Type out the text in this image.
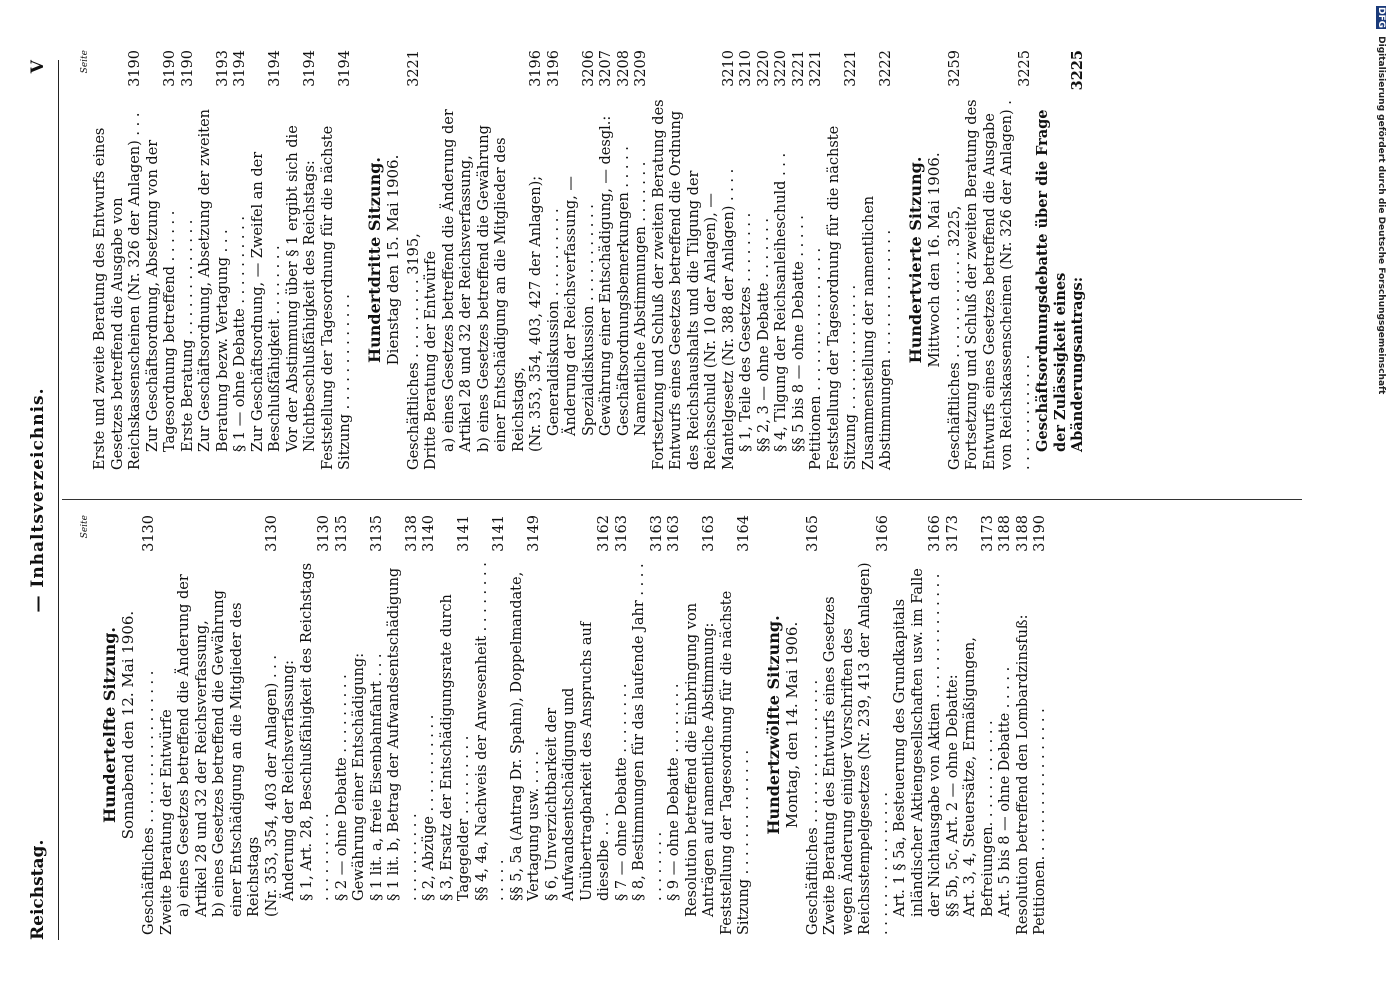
Reichstag.
— Inhaltsverzeichnis.
V
Seite
Hundertelfte Sitzung. Sonnabend den 12. Mai 1906. Geschäftliches . . . . . . . . . . . . . . . . .
3130
Zweite Beratung der Entwürfe a) eines Gesetzes betreffend die Änderung der Artikel 28 und 32 der Reichsverfassung, b) eines Gesetzes betreffend die Gewährung einer Entschädigung an die Mitglieder des Reichstags (Nr. 353, 354, 403 der Anlagen) . . .
3130
Änderung der Reichsverfassung: § 1, Art. 28, Beschlußfähigkeit des Reichstags . . . . . . . . . .
3130
§ 2 — ohne Debatte . . . . . . . . .
3135
Gewährung einer Entschädigung: § 1 lit. a, freie Eisenbahnfahrt . . .
3135
§ 1 lit. b, Betrag der Aufwandsentschädigung . . . . . . . . . .
3138
§ 2, Abzüge . . . . . . . . . . .
3140
§ 3, Ersatz der Entschädigungsrate durch Tagegelder . . . . . . . . .
3141
§§ 4, 4a, Nachweis der Anwesenheit . . . . . . . . . . . . .
3141
§§ 5, 5a (Antrag Dr. Spahn), Doppelmandate, Vertagung usw. . . . .
3149
§ 6, Unverzichtbarkeit der Aufwandsentschädigung und Unübertragbarkeit des Anspruchs auf dieselbe . . .
3162
§ 7 — ohne Debatte . . . . . . . .
3163
§ 8, Bestimmungen für das laufende Jahr . . . . . . . . . . . .
3163
§ 9 — ohne Debatte . . . . . . . .
3163
Resolution betreffend die Einbringung von Anträgen auf namentliche Abstimmung:
3163
Feststellung der Tagesordnung für die nächste Sitzung . . . . . . . . . . . . . .
3164
Hundertzwölfte Sitzung. Montag, den 14. Mai 1906. Geschäftliches . . . . . . . . . . . . . . . .
3165
Zweite Beratung des Entwurfs eines Gesetzes wegen Änderung einiger Vorschriften des Reichsstempelgesetzes (Nr. 239, 413 der Anlagen) . . . . . . . . . . . . . . . .
3166
Art. 1 § 5a, Besteuerung des Grundkapitals inländischer Aktiengesellschaften usw. im Falle der Nichtausgabe von Aktien . . . . . . . . . . . . . .
3166
§§ 5b, 5c, Art. 2 — ohne Debatte:
3173
Art. 3, 4, Steuersätze, Ermäßigungen, Befreiungen. . . . . . . . . . . .
3173
Art. 5 bis 8 — ohne Debatte . . . . .
3188
Resolution betreffend den Lombardzinsfuß:
3188
Petitionen. . . . . . . . . . . . . . . . .
3190
Seite
Erste und zweite Beratung des Entwurfs eines Gesetzes betreffend die Ausgabe von Reichskassenscheinen (Nr. 326 der Anlagen) . . .
3190
Zur Geschäftsordnung, Absetzung von der Tagesordnung betreffend . . . . . .
3190
Erste Beratung . . . . . . . . . . . . .
3190
Zur Geschäftsordnung, Absetzung der zweiten Beratung bezw. Vertagung . . .
3193
§ 1 — ohne Debatte . . . . . . . . . .
3194
Zur Geschäftsordnung, — Zweifel an der Beschlußfähigkeit . . . . . . . .
3194
Vor der Abstimmung über § 1 ergibt sich die Nichtbeschlußfähigkeit des Reichstags:
3194
Feststellung der Tagesordnung für die nächste Sitzung . . . . . . . . . . . . .
3194
Hundertdritte Sitzung. Dienstag den 15. Mai 1906. Geschäftliches . . . . . . . . . 3195,
3221
Dritte Beratung der Entwürfe a) eines Gesetzes betreffend die Änderung der Artikel 28 und 32 der Reichsverfassung, b) eines Gesetzes betreffend die Gewährung einer Entschädigung an die Mitglieder des Reichstags, (Nr. 353, 354, 403, 427 der Anlagen);
3196
Generaldiskussion . . . . . . . . . .
3196
Änderung der Reichsverfassung, — Spezialdiskussion . . . . . . . . . . .
3206
Gewährung einer Entschädigung, — desgl.:
3207
Geschäftsordnungsbemerkungen . . . . .
3208
Namentliche Abstimmungen . . . . . . .
3209
Fortsetzung und Schluß der zweiten Beratung des Entwurfs eines Gesetzes betreffend die Ordnung des Reichshaushalts und die Tilgung der Reichsschuld (Nr. 10 der Anlagen), — Mantelgesetz (Nr. 388 der Anlagen) . . . .
3210
§ 1, Teile des Gesetzes . . . . . . . .
3210
§§ 2, 3 — ohne Debatte . . . . . . .
3220
§ 4, Tilgung der Reichsanleiheschuld . . .
3220
§§ 5 bis 8 — ohne Debatte . . . . .
3221
Petitionen . . . . . . . . . . . . . . . .
3221
Feststellung der Tagesordnung für die nächste Sitzung . . . . . . . . . . . . . .
3221
Zusammenstellung der namentlichen Abstimmungen . . . . . . . . . . . . . .
3222
Hundertvierte Sitzung. Mittwoch den 16. Mai 1906. Geschäftliches . . . . . . . . . . . . 3225,
3259
Fortsetzung und Schluß der zweiten Beratung des Entwurfs eines Gesetzes betreffend die Ausgabe von Reichskassenscheinen (Nr. 326 der Anlagen) . . . . . . . . . . . . . .
3225
Geschäftsordnungsdebatte über die Frage der Zulässigkeit eines Abänderungsantrags:
3225
DFG Digitalisierung gefördert durch die Deutsche Forschungsgemeinschaft
